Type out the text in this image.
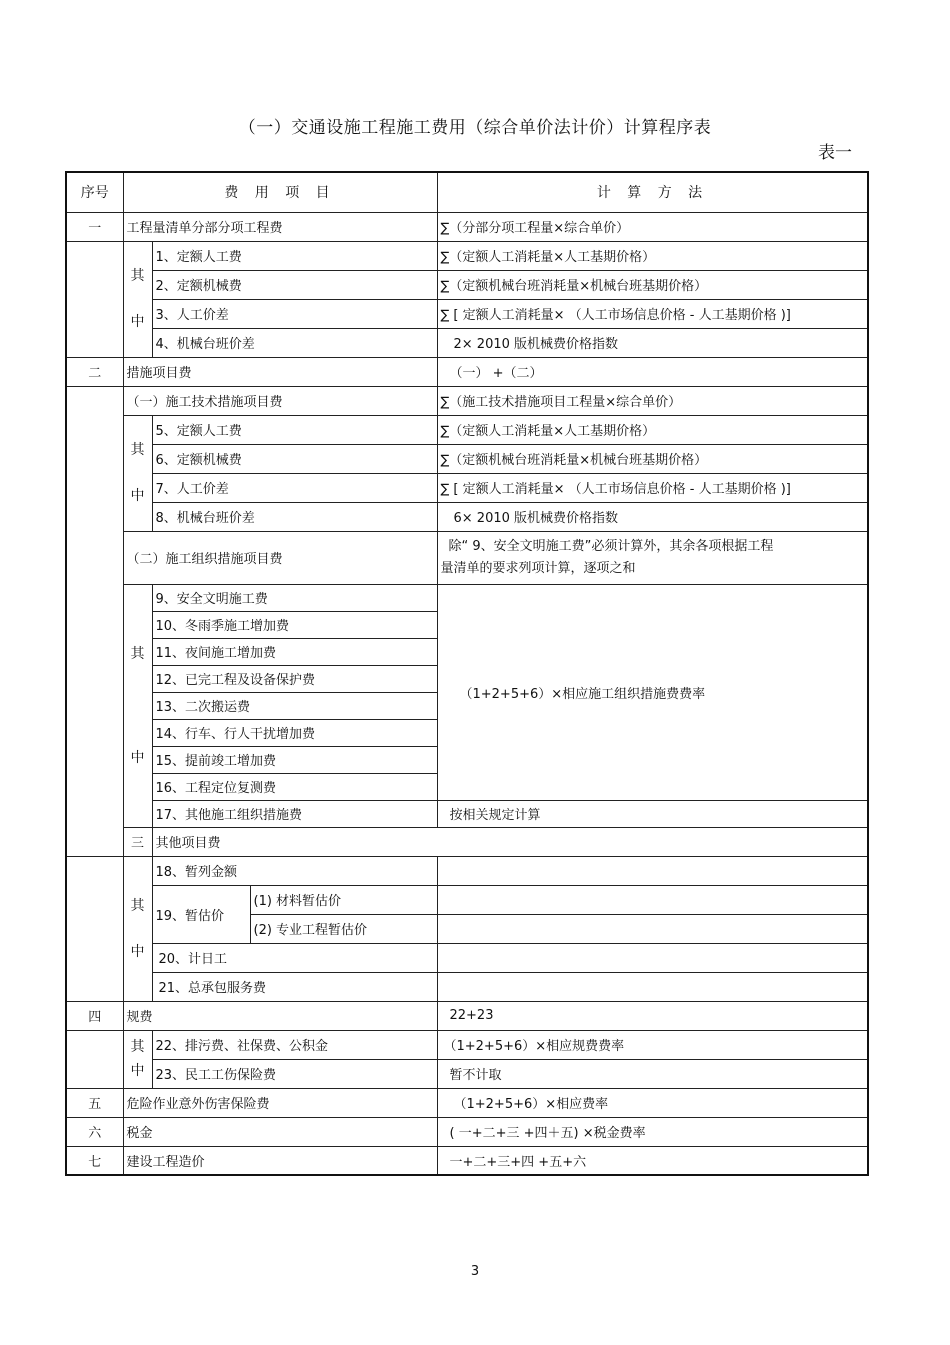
（一）交通设施工程施工费用（综合单价法计价）计算程序表
表一
序号	费 用 项 目			计 算 方 法	
一	工程量清单分部分项工程费			∑（分部分项工程量×综合单价）	

	其
中	1、定额人工费		∑（定额人工消耗量×人工基期价格）	
		2、定额机械费		∑（定额机械台班消耗量×机械台班基期价格）	
		3、人工价差		∑ [ 定额人工消耗量× （人工市场信息价格 - 人工基期价格 )]	
		4、机械台班价差		2× 2010 版机械费价格指数	
二	措施项目费			（一） +（二）	
	（一）施工技术措施项目费			∑（施工技术措施项目工程量×综合单价）	

	其
中	5、定额人工费		∑（定额人工消耗量×人工基期价格）	
		6、定额机械费		∑（定额机械台班消耗量×机械台班基期价格）	
		7、人工价差		∑ [ 定额人工消耗量× （人工市场信息价格 - 人工基期价格 )]	
		8、机械台班价差		6× 2010 版机械费价格指数	
	（二）施工组织措施项目费			除“ 9、安全文明施工费”必须计算外，其余各项根据工程
量清单的要求列项计算，逐项之和	

	其
中	9、安全文明施工费		（1+2+5+6）×相应施工组织措施费费率	
		10、冬雨季施工增加费			
		11、夜间施工增加费			
		12、已完工程及设备保护费			
		13、二次搬运费			
		14、行车、行人干扰增加费			
		15、提前竣工增加费			
		16、工程定位复测费			
		17、其他施工组织措施费		按相关规定计算	
	三	其他项目费	

	其
中	18、暂列金额			
		19、暂估价	(1) 材料暂估价		
			(2) 专业工程暂估价		
		20、计日工			
		21、总承包服务费			
四	规费			22+23	

	其
中	22、排污费、社保费、公积金		（1+2+5+6）×相应规费费率	
		23、民工工伤保险费		暂不计取	
五	危险作业意外伤害保险费			（1+2+5+6）×相应费率	
六	税金			( 一+二+三 +四＋五) ×税金费率	
七	建设工程造价			一+二+三+四 +五+六	
3
